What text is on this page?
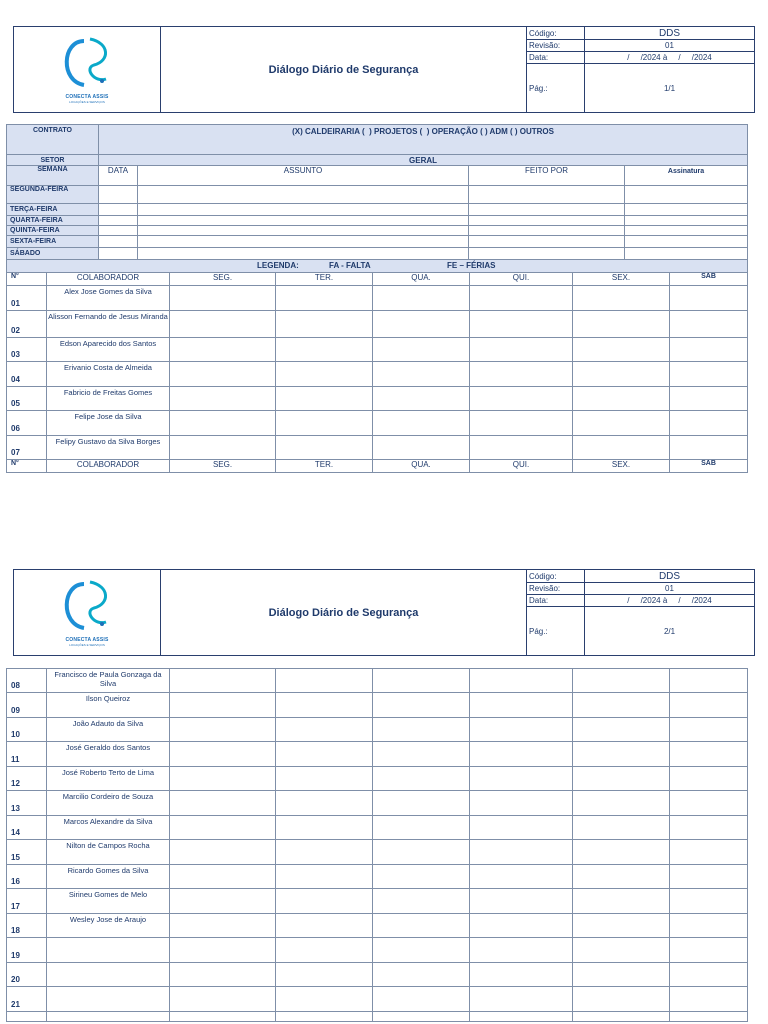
CONECTA ASSIS
LOCAÇÕES E SERVIÇOS	Diálogo Diário de Segurança	Código:	DDS
		Revisão:	01
		Data:	/     /2024 à     /     /2024
		Pág.:	1/1
CONTRATO	(X) CALDEIRARIA (  ) PROJETOS (  ) OPERAÇÃO ( ) ADM ( ) OUTROS			
SETOR	GERAL			
SEMANA	DATA	ASSUNTO	FEITO POR	Assinatura
SEGUNDA-FEIRA				
TERÇA-FEIRA				
QUARTA-FEIRA				
QUINTA-FEIRA				
SEXTA-FEIRA				
SÁBADO				

LEGENDA: FA - FALTA FE – FÉRIAS				
N°	COLABORADOR	SEG.	TER.	QUA.	QUI.	SEX.	SAB
01	Alex Jose Gomes da Silva						
02	Alisson Fernando de Jesus Miranda						
03	Edson Aparecido dos Santos						
04	Erivanio Costa de Almeida						
05	Fabricio de Freitas Gomes						
06	Felipe Jose da Silva						
07	Felipy Gustavo da Silva Borges						
N°	COLABORADOR	SEG.	TER.	QUA.	QUI.	SEX.	SAB
CONECTA ASSIS
LOCAÇÕES E SERVIÇOS	Diálogo Diário de Segurança	Código:	DDS
		Revisão:	01
		Data:	/     /2024 à     /     /2024
		Pág.:	2/1
08	Francisco de Paula Gonzaga da Silva						
09	Ilson Queiroz						
10	João Adauto da Silva						
11	José Geraldo dos Santos						
12	José Roberto Terto de Lima						
13	Marcilio Cordeiro de Souza						
14	Marcos Alexandre da Silva						
15	Nilton de Campos Rocha						
16	Ricardo Gomes da Silva						
17	Sirineu Gomes de Melo						
18	Wesley Jose de Araujo						
19							
20							
21							
